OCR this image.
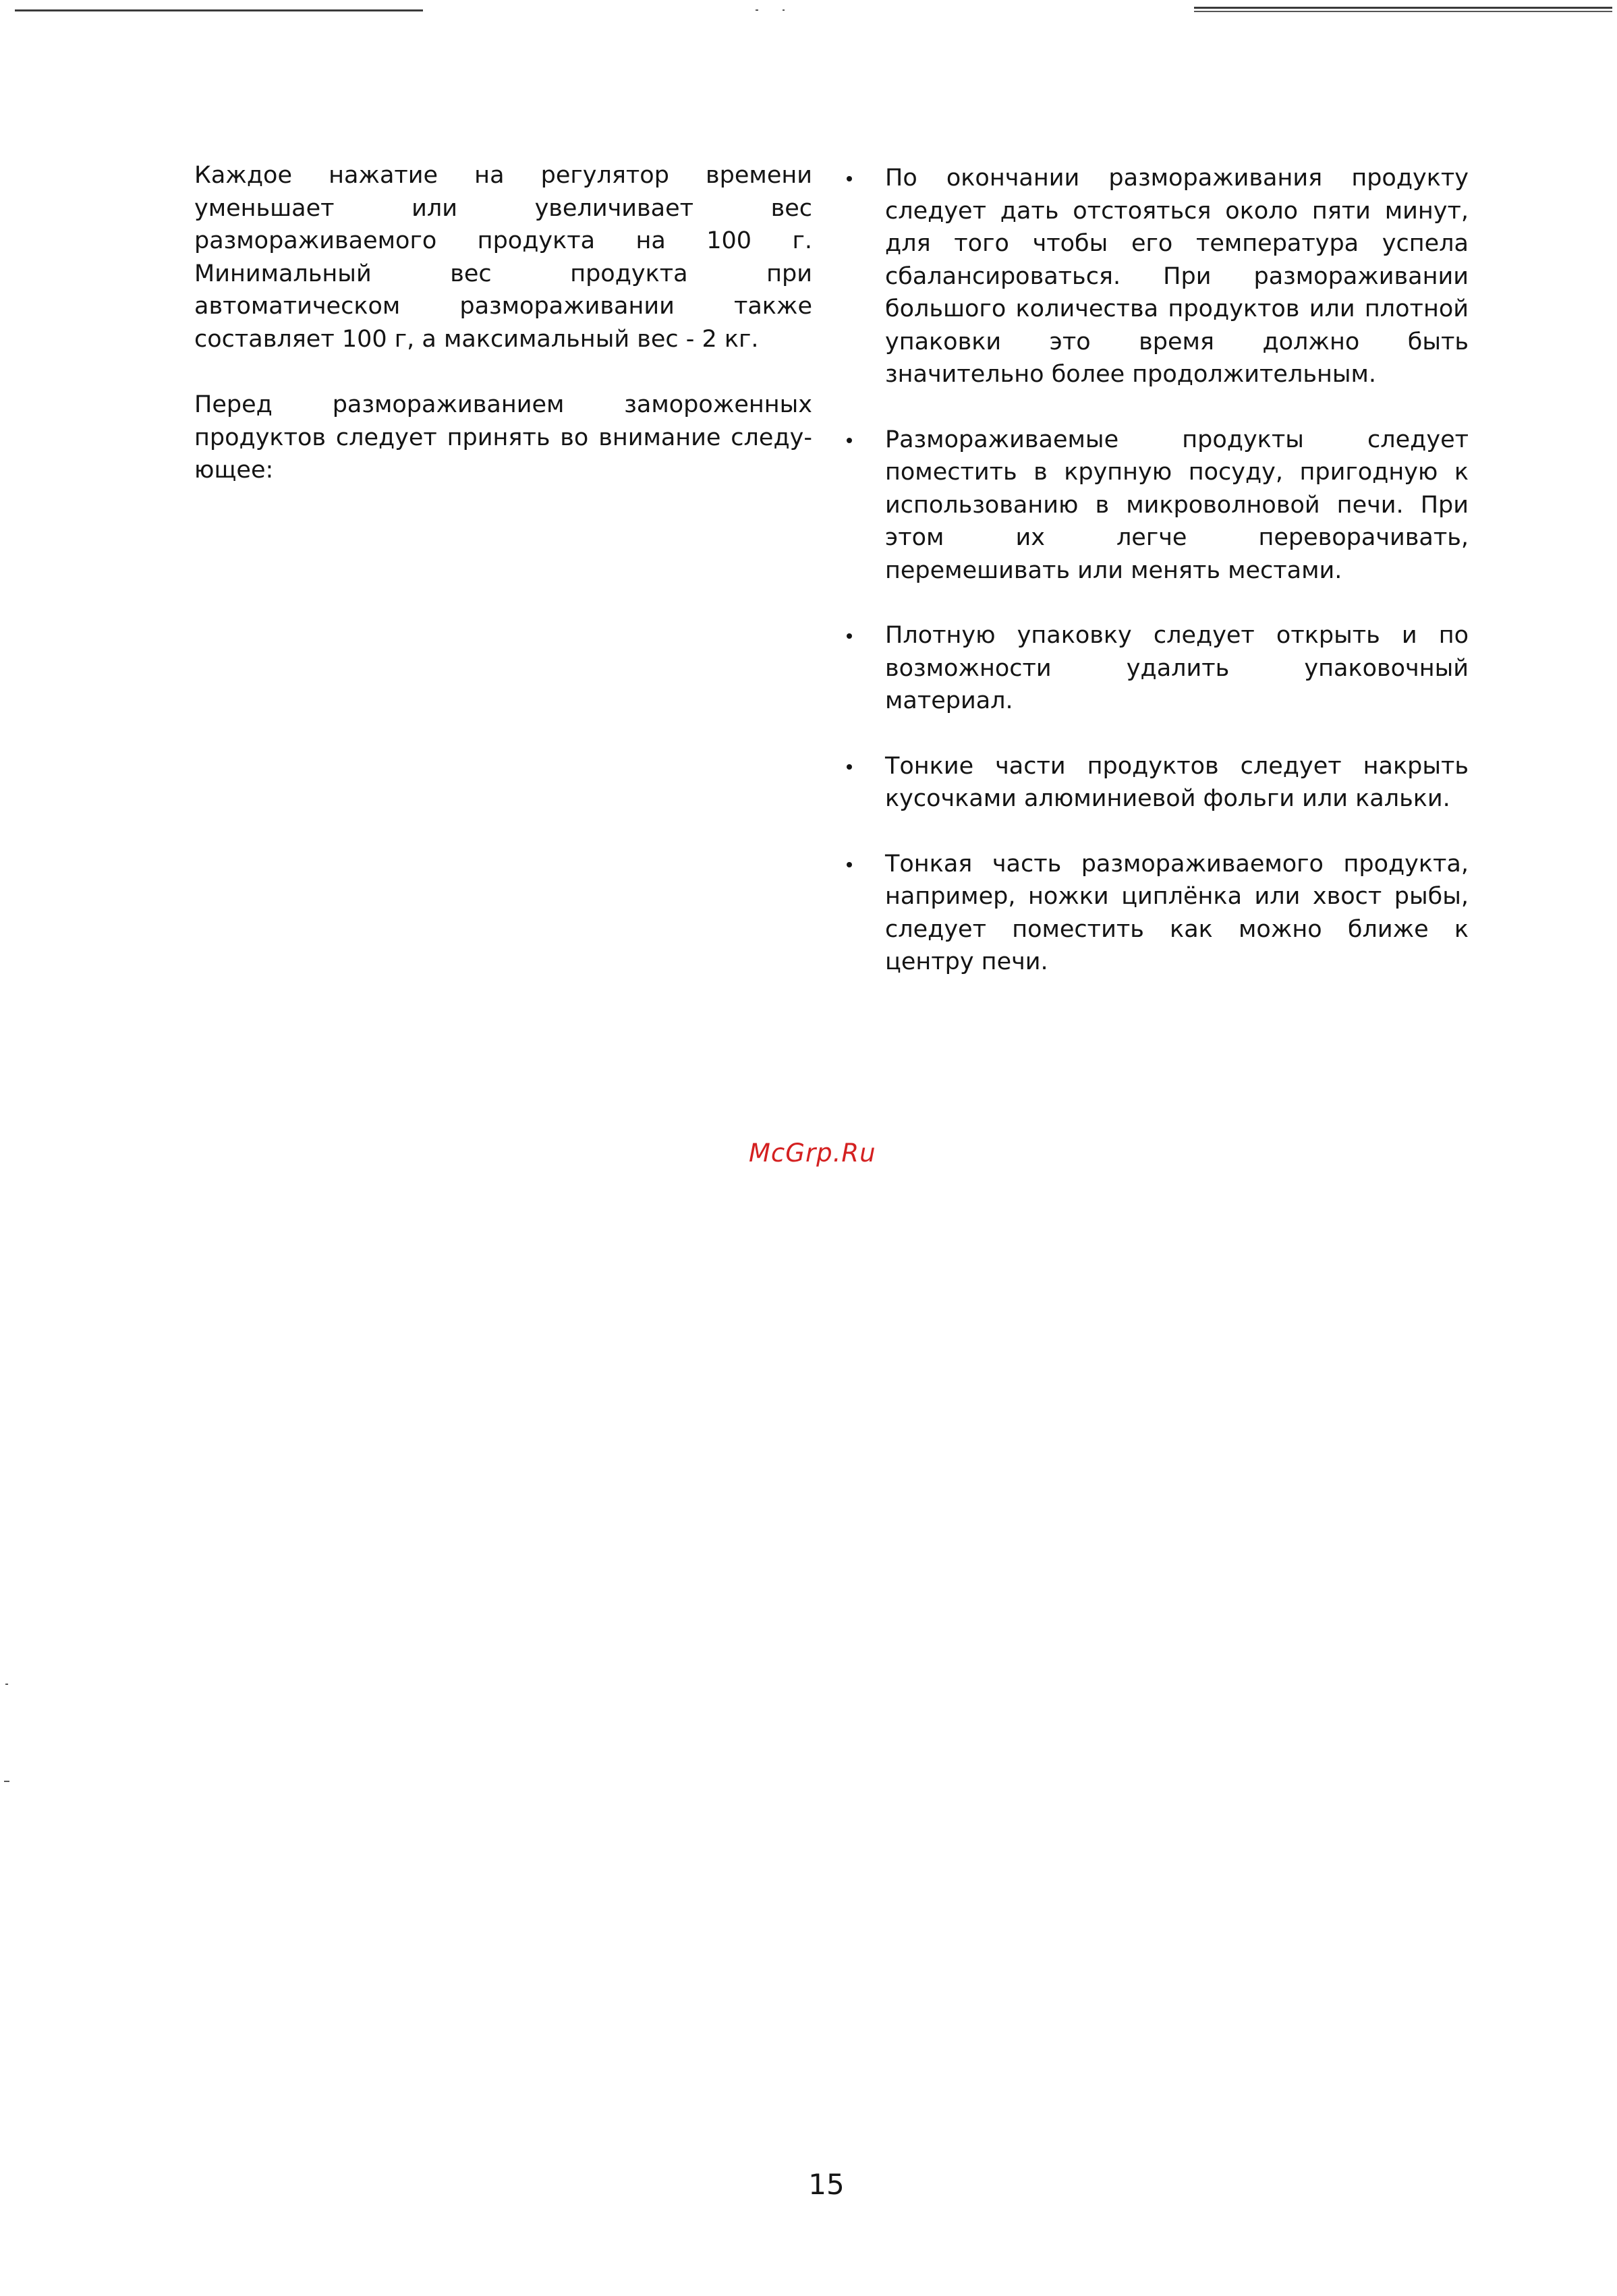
Каждое нажатие на регулятор времени уменьшает или увеличивает вес размораживаемого продукта на 100 г. Минимальный вес продукта при автоматическом размораживании также составляет 100 г, а максимальный вес - 2 кг.

Перед размораживанием замороженных продуктов следует принять во внимание следу-ющее:

По окончании размораживания продукту следует дать отстояться около пяти минут, для того чтобы его температура успела сбалансироваться. При размораживании большого количества продуктов или плотной упаковки это время должно быть значительно более продолжительным.

Размораживаемые продукты следует поместить в крупную посуду, пригодную к использованию в микроволновой печи. При этом их легче переворачивать, перемешивать или менять местами.

Плотную упаковку следует открыть и по возможности удалить упаковочный материал.

Тонкие части продуктов следует накрыть кусочками алюминиевой фольги или кальки.

Тонкая часть размораживаемого продукта, например, ножки циплёнка или хвост рыбы, следует поместить как можно ближе к центру печи.

McGrp.Ru
15
